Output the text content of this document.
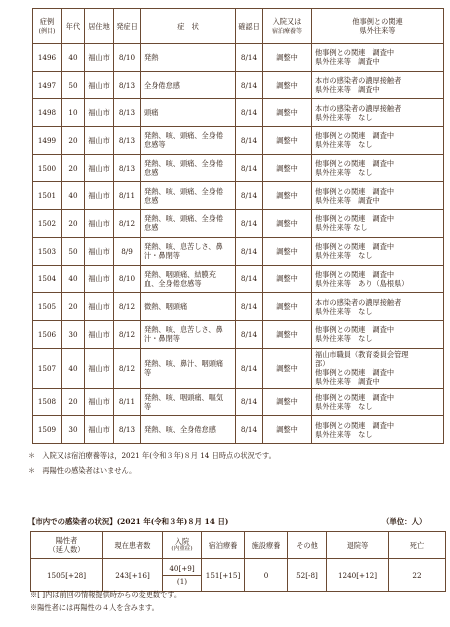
症例
(例目)	年代	居住地	発症日	症　状	確認日	入院又は
宿泊療養等	他事例との関連
県外往来等
1496	40	福山市	8/10	発熱	8/14	調整中	他事例との関連　調査中
県外往来等　調査中
1497	50	福山市	8/13	全身倦怠感	8/14	調整中	本市の感染者の濃厚接触者
県外往来等　調査中
1498	10	福山市	8/13	頭痛	8/14	調整中	本市の感染者の濃厚接触者
県外往来等　なし
1499	20	福山市	8/13	発熱、咳、頭痛、全身倦
怠感等	8/14	調整中	他事例との関連　調査中
県外往来等　なし
1500	20	福山市	8/13	発熱、咳、頭痛、全身倦
怠感	8/14	調整中	他事例との関連　調査中
県外往来等　なし
1501	40	福山市	8/11	発熱、咳、頭痛、全身倦
怠感	8/14	調整中	他事例との関連　調査中
県外往来等　調査中
1502	20	福山市	8/12	発熱、咳、頭痛、全身倦
怠感	8/14	調整中	他事例との関連　調査中
県外往来等 なし
1503	50	福山市	8/9	発熱、咳、息苦しさ、鼻
汁・鼻閉等	8/14	調整中	他事例との関連　調査中
県外往来等　なし
1504	40	福山市	8/10	発熱、咽頭痛、結膜充
血、全身倦怠感等	8/14	調整中	他事例との関連　調査中
県外往来等　あり（島根県）
1505	20	福山市	8/12	微熱、咽頭痛	8/14	調整中	本市の感染者の濃厚接触者
県外往来等　なし
1506	30	福山市	8/12	発熱、咳、息苦しさ、鼻
汁・鼻閉等	8/14	調整中	他事例との関連　調査中
県外往来等　なし
1507	40	福山市	8/12	発熱、咳、鼻汁、咽頭痛
等	8/14	調整中	福山市職員（教育委員会管理
部）
他事例との関連　調査中
県外往来等　調査中
1508	20	福山市	8/11	発熱、咳、咽頭痛、嘔気
等	8/14	調整中	他事例との関連　調査中
県外往来等　なし
1509	30	福山市	8/13	発熱、咳、全身倦怠感	8/14	調整中	他事例との関連　調査中
県外往来等　なし
＊　入院又は宿泊療養等は，2021 年(令和３年)８月 14 日時点の状況です。
＊　再陽性の感染者はいません。
【市内での感染者の状況】(2021 年(令和３年)８月 14 日)	（単位：人）
陽性者
（延人数）	現在患者数	入院
(内重症)	宿泊療養	施設療養	その他	退院等	死亡
1505[+28]	243[+16]	40[+9]
(1)	151[+15]	0	52[-8]	1240[+12]	22
※[ ]内は前回の情報提供時からの変更数です。
※陽性者には再陽性の４人を含みます。
